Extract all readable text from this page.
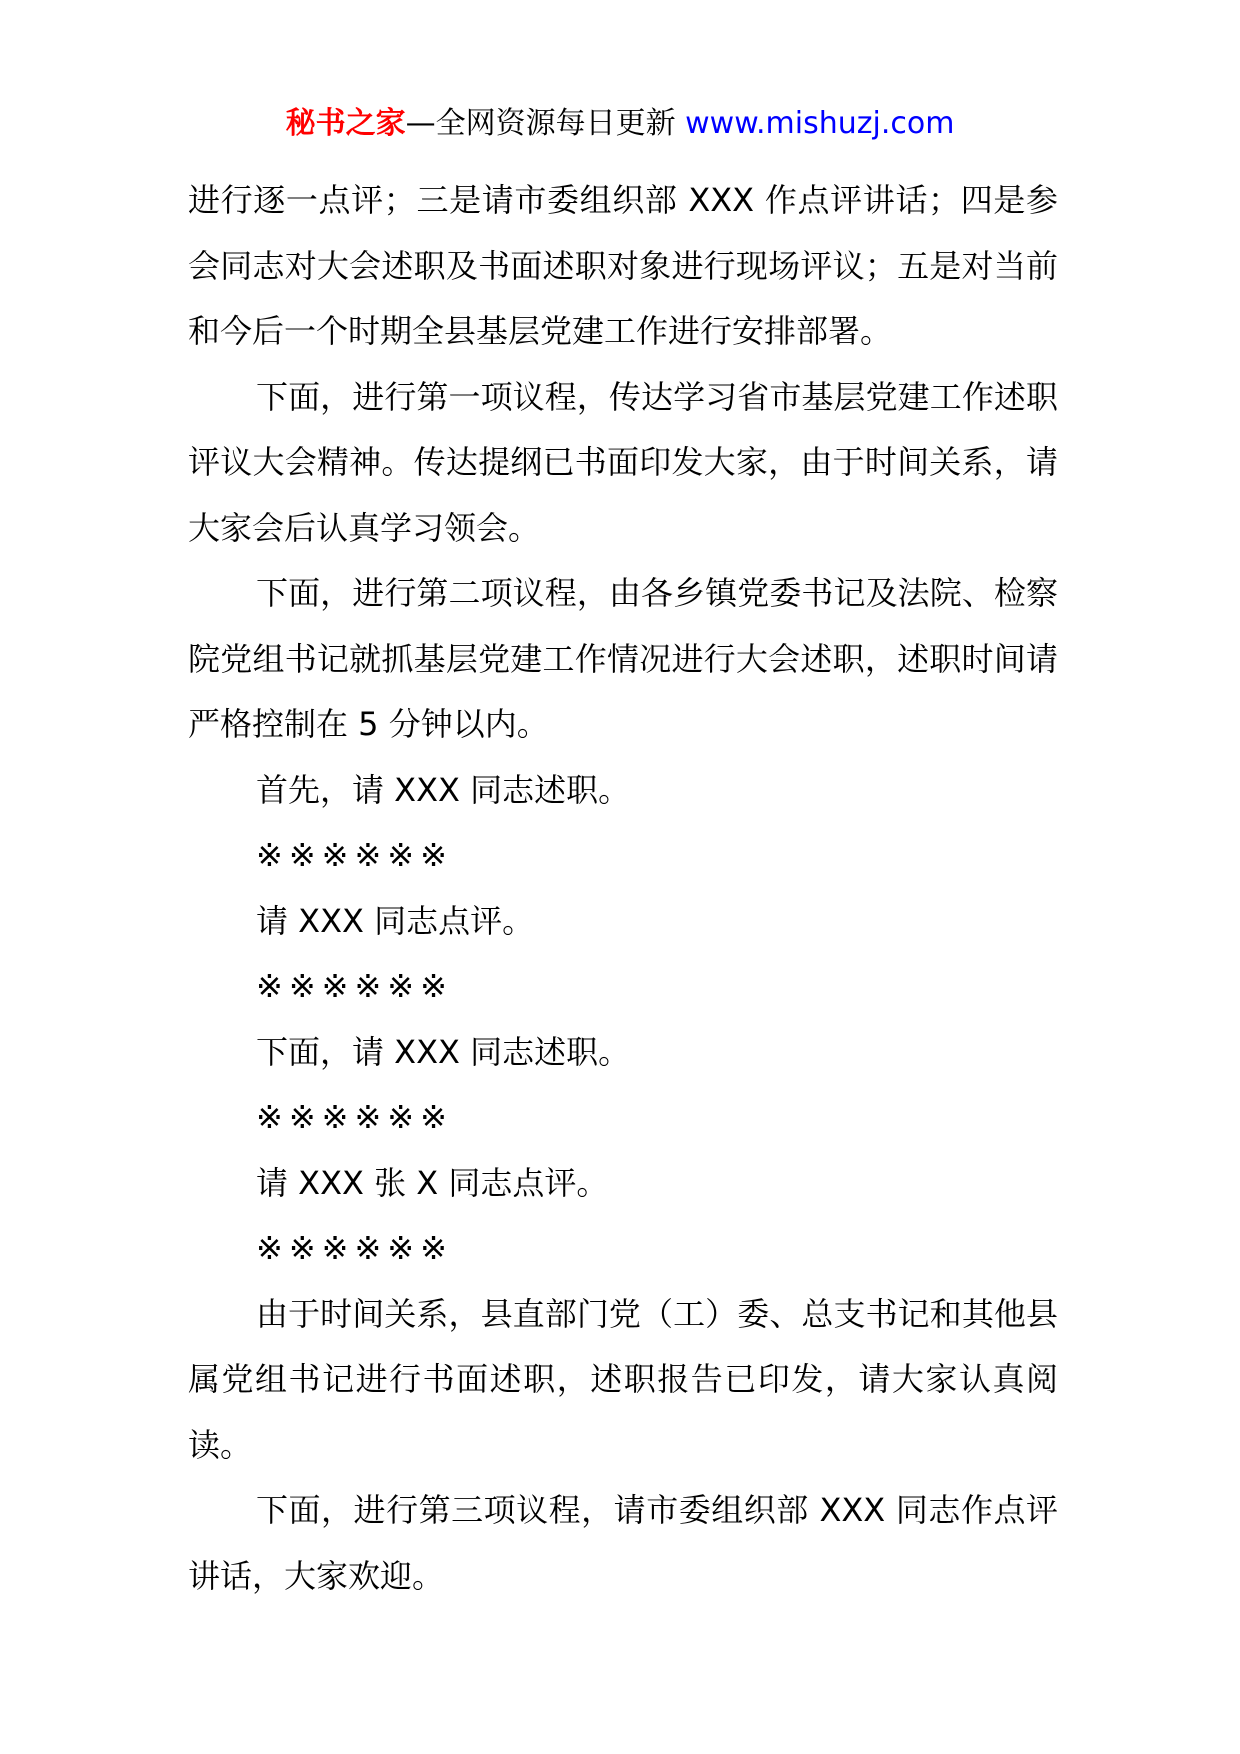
秘书之家—全网资源每日更新 www.mishuzj.com

进行逐一点评；三是请市委组织部 XXX 作点评讲话；四是参会同志对大会述职及书面述职对象进行现场评议；五是对当前和今后一个时期全县基层党建工作进行安排部署。

下面，进行第一项议程，传达学习省市基层党建工作述职评议大会精神。传达提纲已书面印发大家，由于时间关系，请大家会后认真学习领会。

下面，进行第二项议程，由各乡镇党委书记及法院、检察院党组书记就抓基层党建工作情况进行大会述职，述职时间请严格控制在 5 分钟以内。

首先，请 XXX 同志述职。

※※※※※※

请 XXX 同志点评。

※※※※※※

下面，请 XXX 同志述职。

※※※※※※

请 XXX 张 X 同志点评。

※※※※※※

由于时间关系，县直部门党（工）委、总支书记和其他县属党组书记进行书面述职，述职报告已印发，请大家认真阅读。

下面，进行第三项议程，请市委组织部 XXX 同志作点评讲话，大家欢迎。
